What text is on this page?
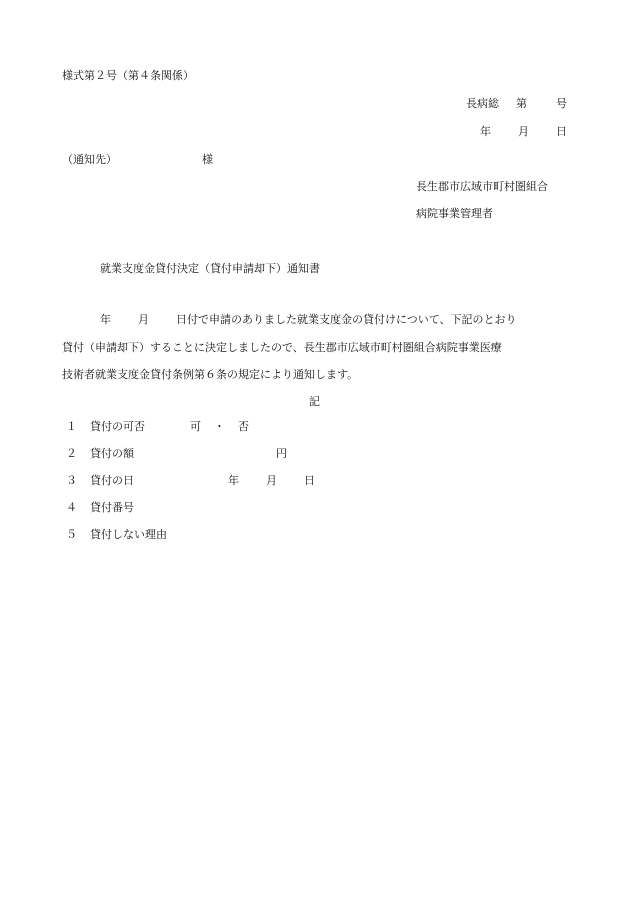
様式第２号（第４条関係）
長病総 第	号
年 月 日
（通知先）	様
長生郡市広域市町村圏組合
病院事業管理者
就業支度金貸付決定（貸付申請却下）通知書
年 月 日付で申請のありました就業支度金の貸付けについて、下記のとおり
貸付（申請却下）することに決定しましたので、長生郡市広域市町村圏組合病院事業医療
技術者就業支度金貸付条例第６条の規定により通知します。
記
１ 貸付の可否	可 ・ 否
２ 貸付の額	円
３ 貸付の日	年 月 日
４ 貸付番号
５ 貸付しない理由
